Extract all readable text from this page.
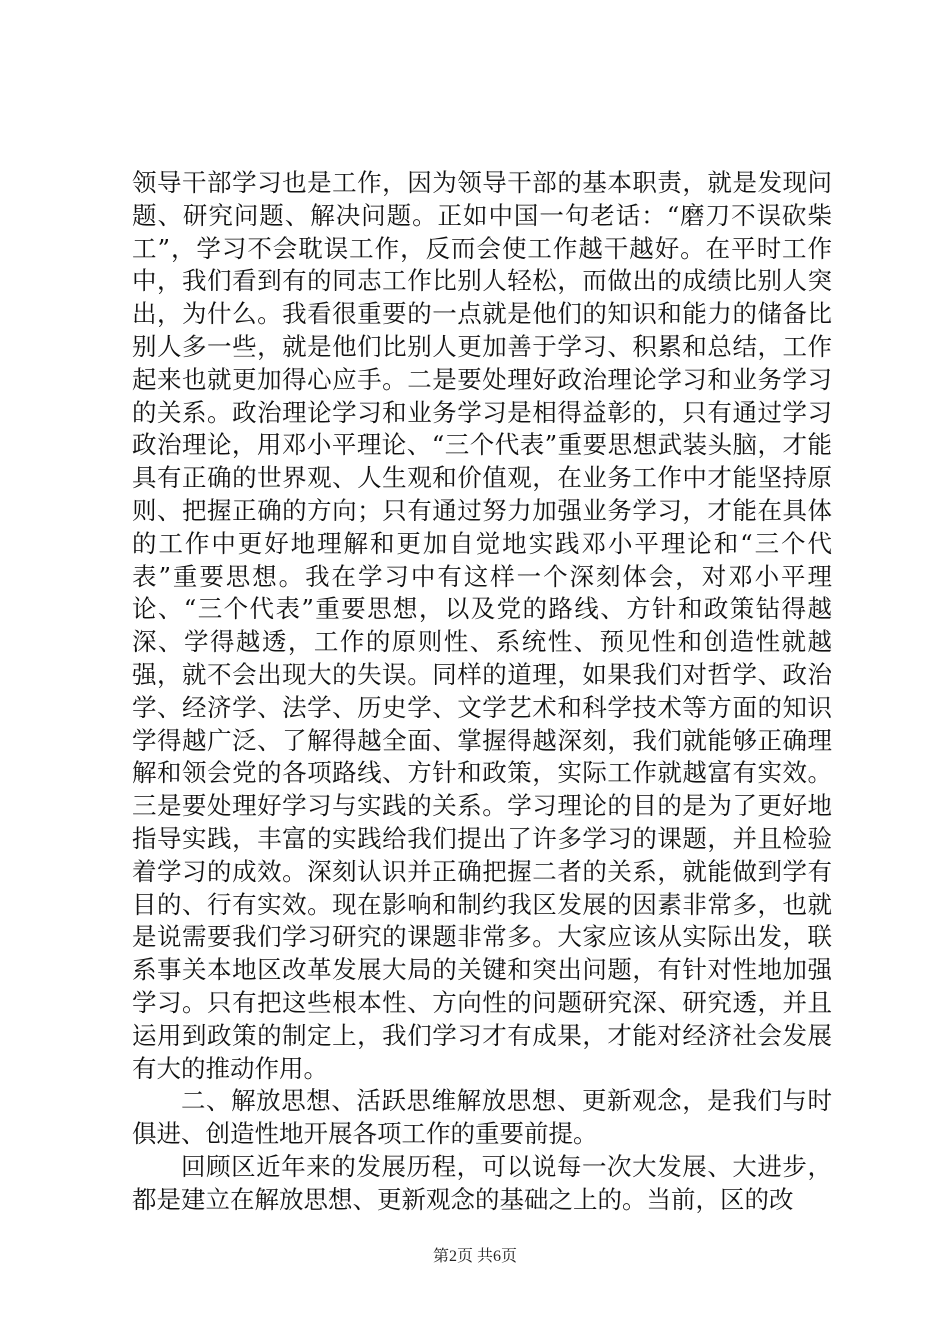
领导干部学习也是工作，因为领导干部的基本职责，就是发现问题、研究问题、解决问题。正如中国一句老话：“磨刀不误砍柴工”，学习不会耽误工作，反而会使工作越干越好。在平时工作中，我们看到有的同志工作比别人轻松，而做出的成绩比别人突出，为什么。我看很重要的一点就是他们的知识和能力的储备比别人多一些，就是他们比别人更加善于学习、积累和总结，工作起来也就更加得心应手。二是要处理好政治理论学习和业务学习的关系。政治理论学习和业务学习是相得益彰的，只有通过学习政治理论，用邓小平理论、“三个代表”重要思想武装头脑，才能具有正确的世界观、人生观和价值观，在业务工作中才能坚持原则、把握正确的方向；只有通过努力加强业务学习，才能在具体的工作中更好地理解和更加自觉地实践邓小平理论和“三个代表”重要思想。我在学习中有这样一个深刻体会，对邓小平理论、“三个代表”重要思想，以及党的路线、方针和政策钻得越深、学得越透，工作的原则性、系统性、预见性和创造性就越强，就不会出现大的失误。同样的道理，如果我们对哲学、政治学、经济学、法学、历史学、文学艺术和科学技术等方面的知识学得越广泛、了解得越全面、掌握得越深刻，我们就能够正确理解和领会党的各项路线、方针和政策，实际工作就越富有实效。三是要处理好学习与实践的关系。学习理论的目的是为了更好地指导实践，丰富的实践给我们提出了许多学习的课题，并且检验着学习的成效。深刻认识并正确把握二者的关系，就能做到学有目的、行有实效。现在影响和制约我区发展的因素非常多，也就是说需要我们学习研究的课题非常多。大家应该从实际出发，联系事关本地区改革发展大局的关键和突出问题，有针对性地加强学习。只有把这些根本性、方向性的问题研究深、研究透，并且运用到政策的制定上，我们学习才有成果，才能对经济社会发展有大的推动作用。

二、解放思想、活跃思维解放思想、更新观念，是我们与时俱进、创造性地开展各项工作的重要前提。

回顾区近年来的发展历程，可以说每一次大发展、大进步，都是建立在解放思想、更新观念的基础之上的。当前，区的改

第2页 共6页
